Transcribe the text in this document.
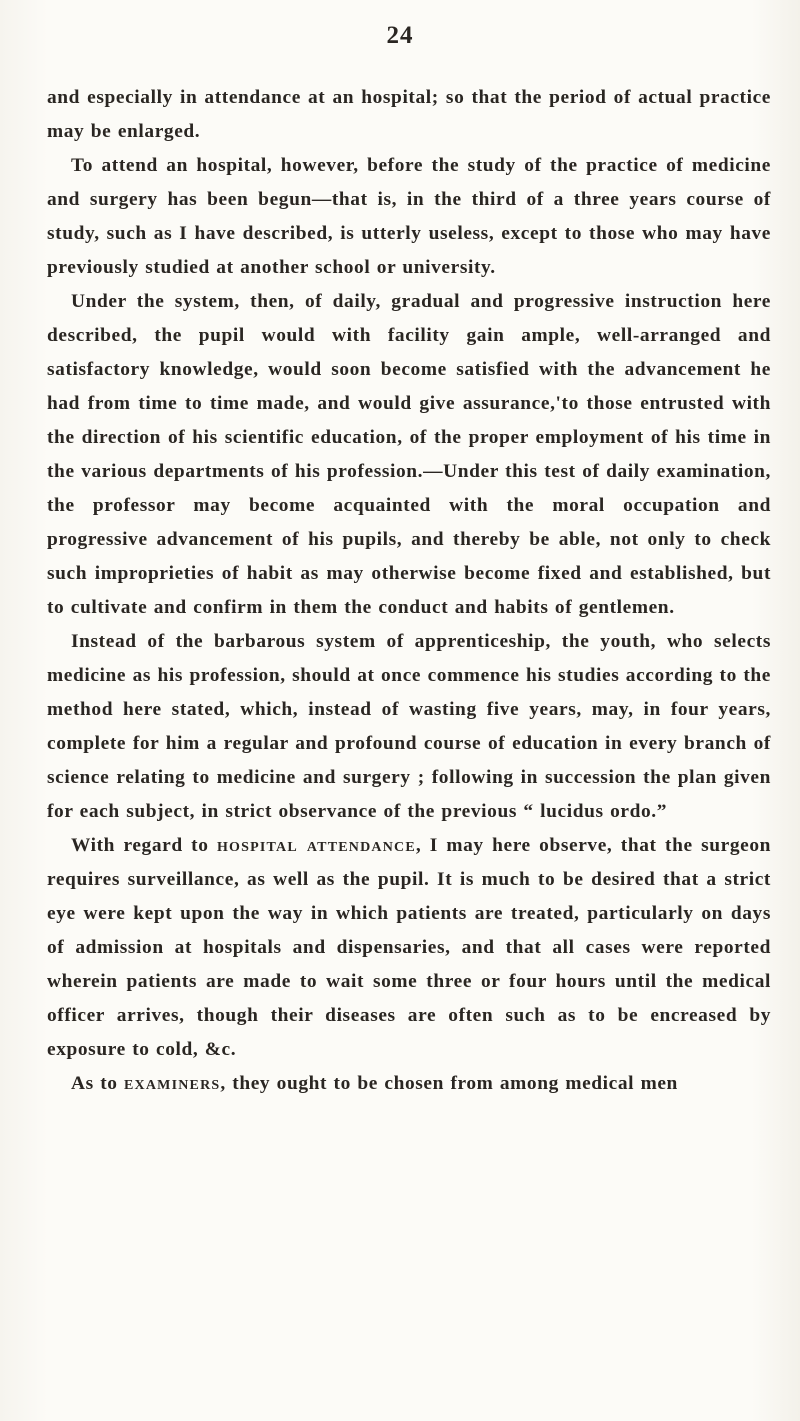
24

and especially in attendance at an hospital; so that the period of actual practice may be enlarged.

To attend an hospital, however, before the study of the practice of medicine and surgery has been begun—that is, in the third of a three years course of study, such as I have described, is utterly useless, except to those who may have previously studied at another school or university.

Under the system, then, of daily, gradual and progressive instruction here described, the pupil would with facility gain ample, well-arranged and satisfactory knowledge, would soon become satisfied with the advancement he had from time to time made, and would give assurance,'to those entrusted with the direction of his scientific education, of the proper employment of his time in the various departments of his profession.—Under this test of daily examination, the professor may become acquainted with the moral occupation and progressive advancement of his pupils, and thereby be able, not only to check such improprieties of habit as may otherwise become fixed and established, but to cultivate and confirm in them the conduct and habits of gentlemen.

Instead of the barbarous system of apprenticeship, the youth, who selects medicine as his profession, should at once commence his studies according to the method here stated, which, instead of wasting five years, may, in four years, complete for him a regular and profound course of education in every branch of science relating to medicine and surgery ; following in succession the plan given for each subject, in strict observance of the previous “ lucidus ordo.”

With regard to hospital attendance, I may here observe, that the surgeon requires surveillance, as well as the pupil. It is much to be desired that a strict eye were kept upon the way in which patients are treated, particularly on days of admission at hospitals and dispensaries, and that all cases were reported wherein patients are made to wait some three or four hours until the medical officer arrives, though their diseases are often such as to be encreased by exposure to cold, &c.

As to examiners, they ought to be chosen from among medical men
